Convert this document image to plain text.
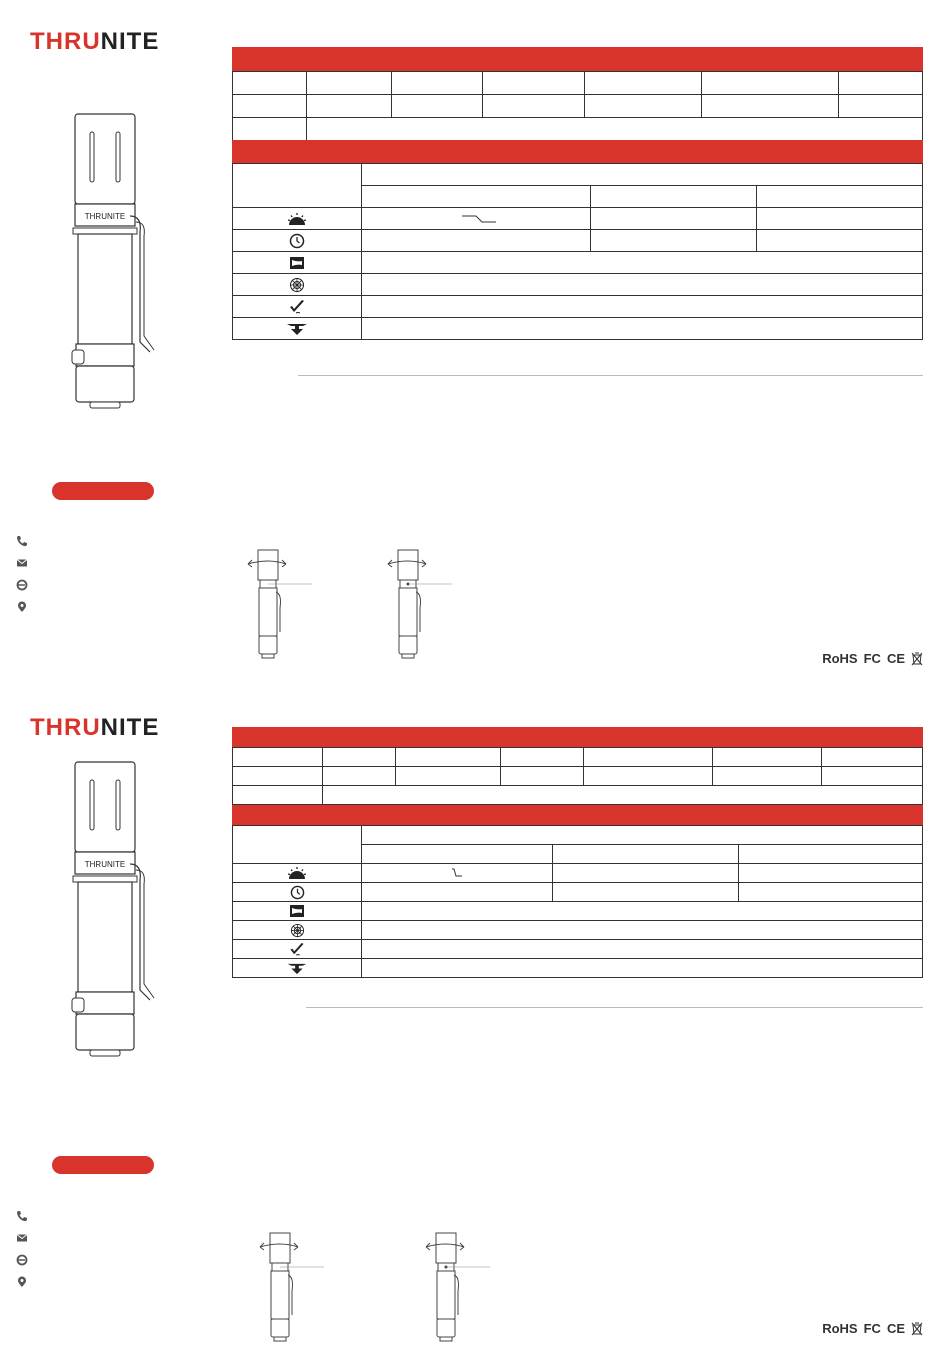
THRUNITE
THRUNITE

RoHS FC CE
THRUNITE
THRUNITE

RoHS FC CE
